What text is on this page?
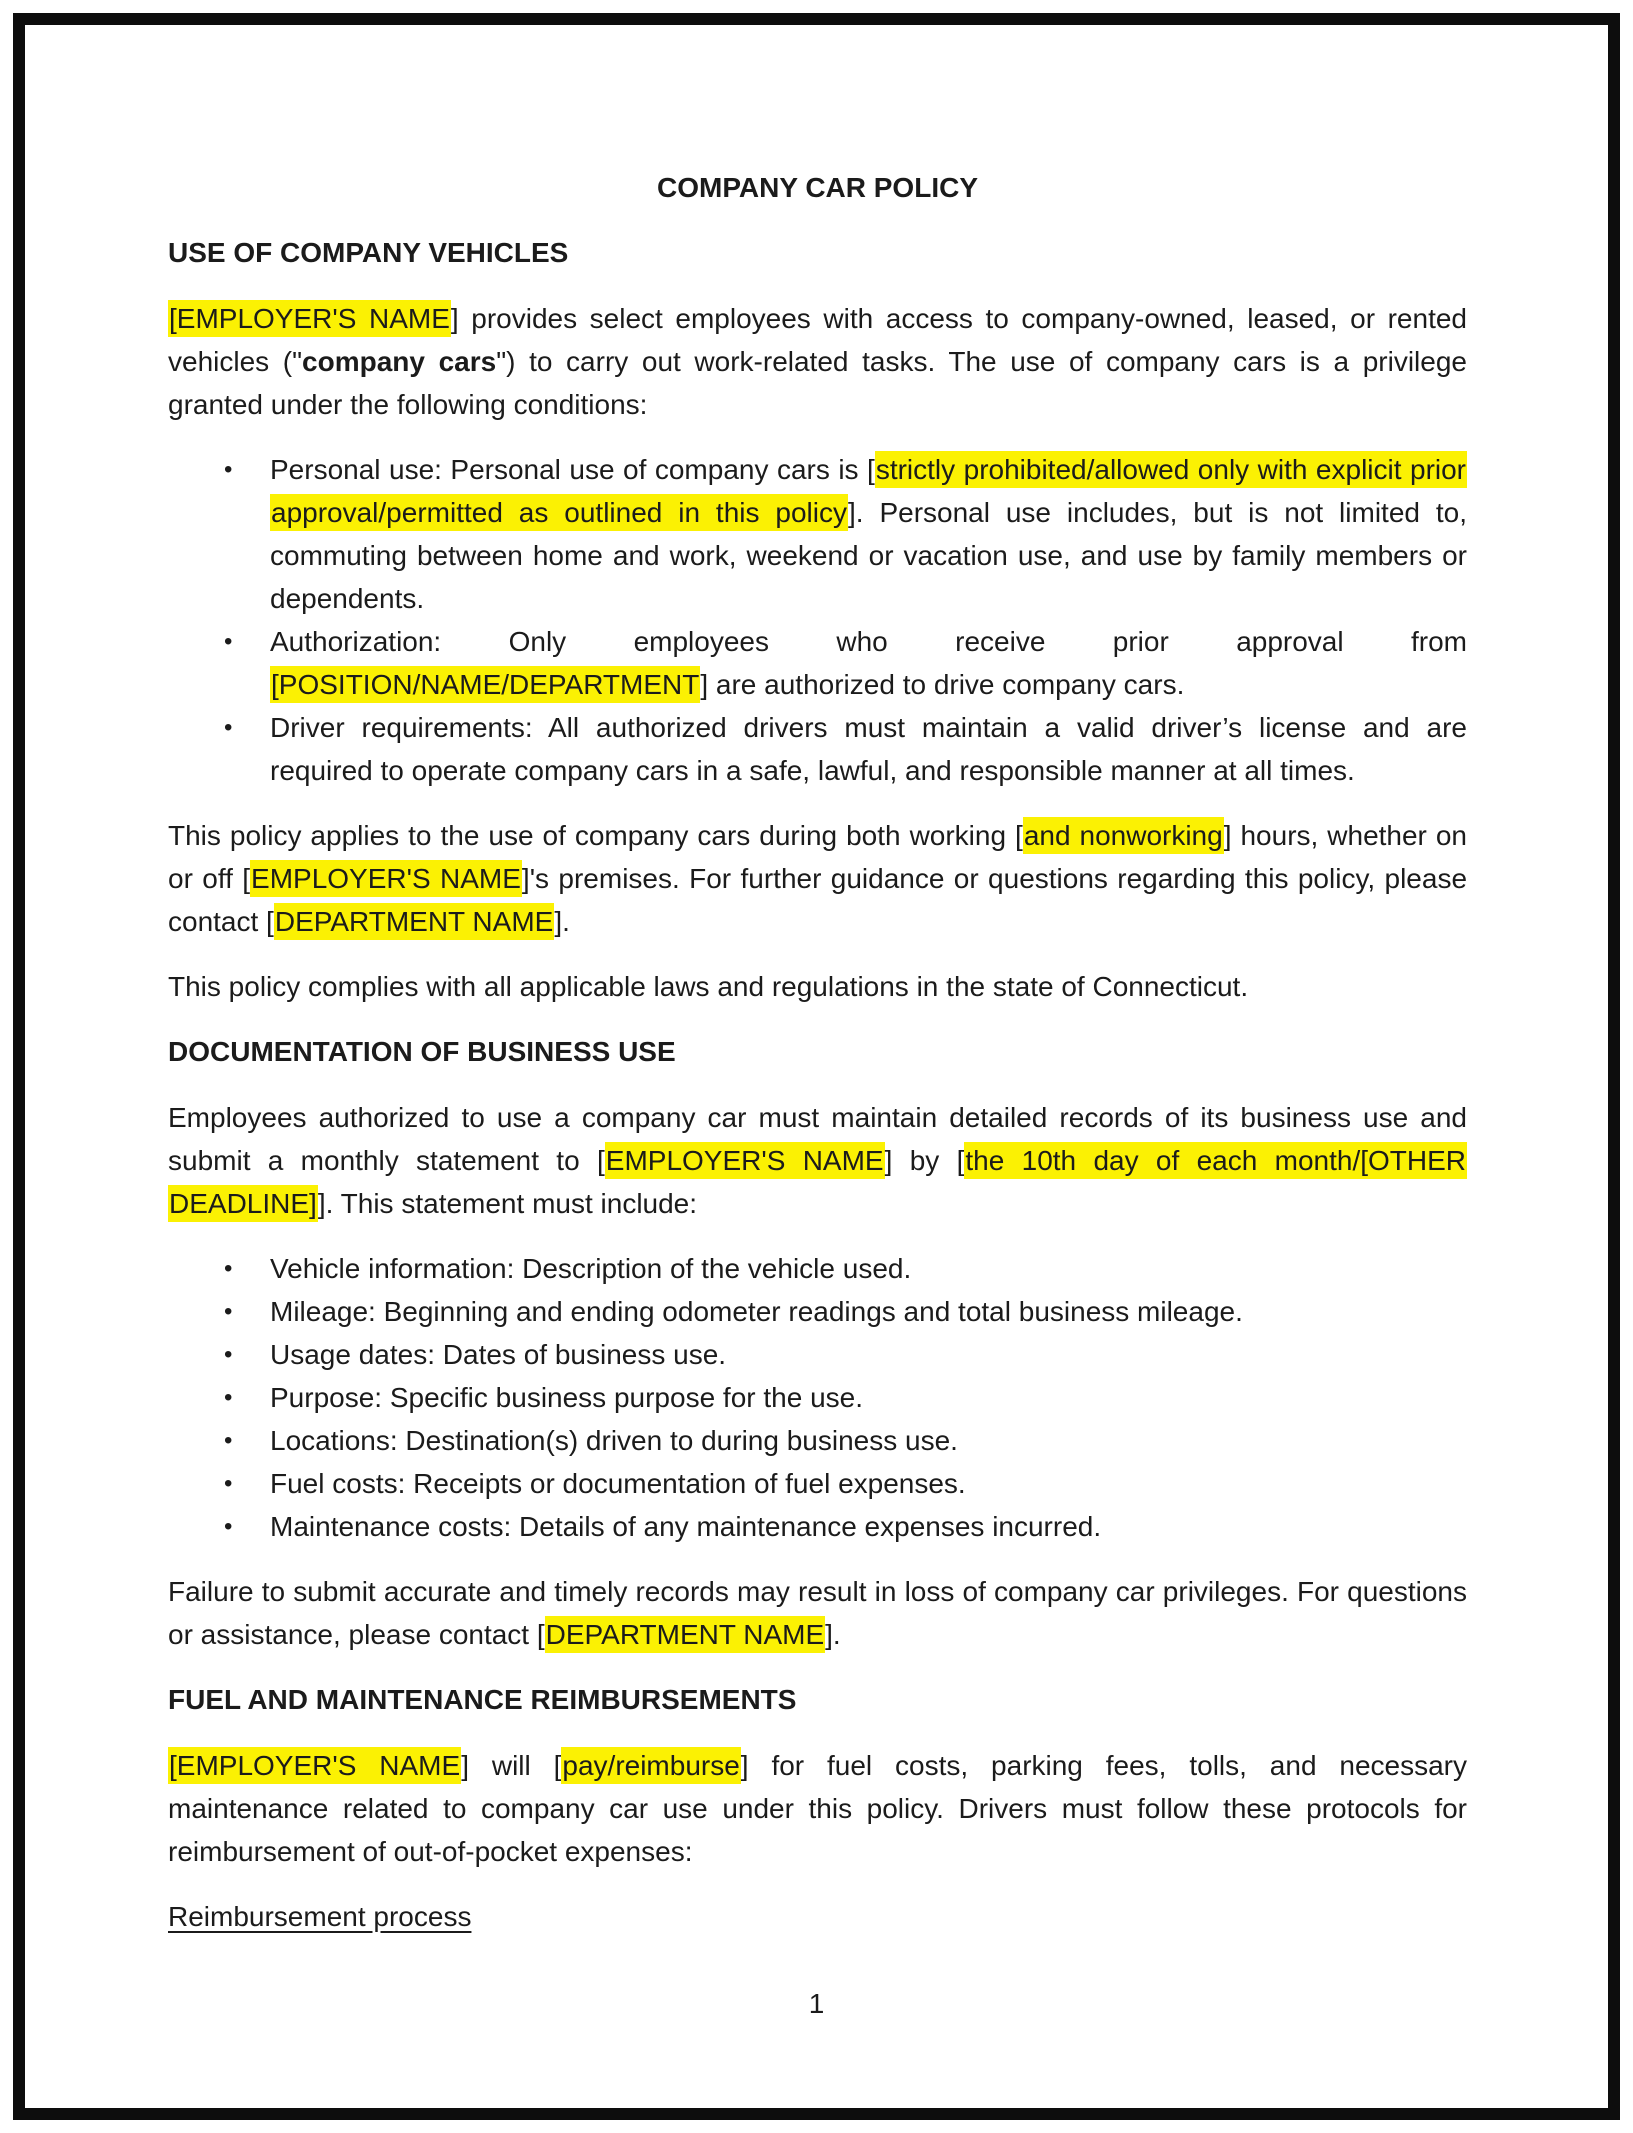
COMPANY CAR POLICY
USE OF COMPANY VEHICLES

[EMPLOYER'S NAME] provides select employees with access to company-owned, leased, or rented vehicles ("company cars") to carry out work-related tasks. The use of company cars is a privilege granted under the following conditions:

• Personal use: Personal use of company cars is [strictly prohibited/allowed only with explicit prior approval/permitted as outlined in this policy]. Personal use includes, but is not limited to, commuting between home and work, weekend or vacation use, and use by family members or dependents.
• Authorization: Only employees who receive prior approval from [POSITION/NAME/DEPARTMENT] are authorized to drive company cars.
• Driver requirements: All authorized drivers must maintain a valid driver’s license and are required to operate company cars in a safe, lawful, and responsible manner at all times.

This policy applies to the use of company cars during both working [and nonworking] hours, whether on or off [EMPLOYER'S NAME]'s premises. For further guidance or questions regarding this policy, please contact [DEPARTMENT NAME].

This policy complies with all applicable laws and regulations in the state of Connecticut.

DOCUMENTATION OF BUSINESS USE

Employees authorized to use a company car must maintain detailed records of its business use and submit a monthly statement to [EMPLOYER'S NAME] by [the 10th day of each month/[OTHER DEADLINE]]. This statement must include:

• Vehicle information: Description of the vehicle used.
• Mileage: Beginning and ending odometer readings and total business mileage.
• Usage dates: Dates of business use.
• Purpose: Specific business purpose for the use.
• Locations: Destination(s) driven to during business use.
• Fuel costs: Receipts or documentation of fuel expenses.
• Maintenance costs: Details of any maintenance expenses incurred.

Failure to submit accurate and timely records may result in loss of company car privileges. For questions or assistance, please contact [DEPARTMENT NAME].

FUEL AND MAINTENANCE REIMBURSEMENTS

[EMPLOYER'S NAME] will [pay/reimburse] for fuel costs, parking fees, tolls, and necessary maintenance related to company car use under this policy. Drivers must follow these protocols for reimbursement of out-of-pocket expenses:

Reimbursement process

1
